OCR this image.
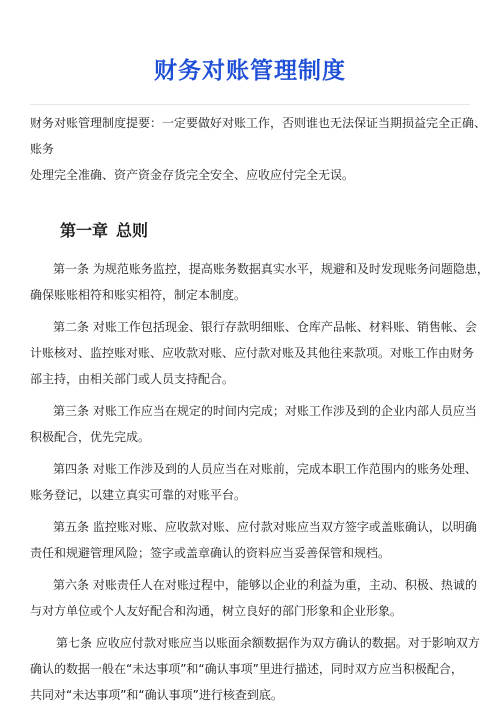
财务对账管理制度

财务对账管理制度提要：一定要做好对账工作，否则谁也无法保证当期损益完全正确、

账务

处理完全准确、资产资金存货完全安全、应收应付完全无误。

第一章 总则

第一条 为规范账务监控，提高账务数据真实水平，规避和及时发现账务问题隐患，
确保账账相符和账实相符，制定本制度。

第二条 对账工作包括现金、银行存款明细账、仓库产品帐、材料账、销售帐、会
计账核对、监控账对账、应收款对账、应付款对账及其他往来款项。对账工作由财务
部主持，由相关部门或人员支持配合。

第三条 对账工作应当在规定的时间内完成；对账工作涉及到的企业内部人员应当
积极配合，优先完成。

第四条 对账工作涉及到的人员应当在对账前，完成本职工作范围内的账务处理、
账务登记，以建立真实可靠的对账平台。

第五条 监控账对账、应收款对账、应付款对账应当双方签字或盖账确认，以明确
责任和规避管理风险；签字或盖章确认的资料应当妥善保管和规档。

第六条 对账责任人在对账过程中，能够以企业的利益为重，主动、积极、热诚的
与对方单位或个人友好配合和沟通，树立良好的部门形象和企业形象。

第七条 应收应付款对账应当以账面余额数据作为双方确认的数据。对于影响双方
确认的数据一般在“未达事项”和“确认事项”里进行描述，同时双方应当积极配合，
共同对“未达事项”和“确认事项”进行核查到底。
